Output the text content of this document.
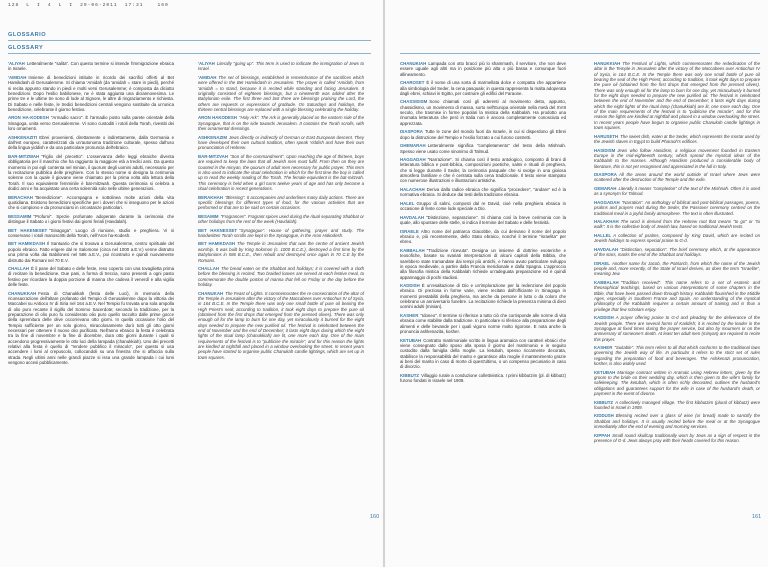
128 L I 4 L I 29-06-2011 17:31	160
GLOSSARIO
GLOSSARY

'ALIYAH Letteralmente "salita". Con questo termine si intende l'immigrazione ebraica in Israele.

'AMIDAH Insieme di benedizioni istituite in ricordo dei sacrifici offerti al Bet Hamikdash di Gerusalemme. Si chiama 'Amidah (da 'amidah = stare in piedi), perché si recita appunto stando in piedi e molti versi Gerusalemme; è composta da diciotto benedizioni. Dopo l'esilio babilonese, ne è stata aggiunta una diciannovesima. Le prime tre e le ultime tre sono di lode al Signore, le altre di ringraziamento e richiesta. Di Sabato e nelle feste, le tredici benedizioni centrali vengono sostituite da un'unica benedizione, celebrante il giorno festivo.

ARON HA-KODESH "Armadio sacro". È l'armadio posto sulla parete orientale della Sinagoga, unita verso Gerusalemme. Vi sono custoditi i rotoli della Torah, rivestiti dei loro ornamenti.

ASHKENAZITI Ebrei provenienti, direttamente o indirettamente, dalla Germania e dall'est europeo, caratterizzati da un'autonoma tradizione culturale, spesso dall'uso della lingua yiddish e da una particolare pronuncia dell'ebraico.

BAR-MITZWAH "Figlio del precetto". L'osservanza delle leggi ebraiche diventa obbligatoria per il maschio che ha raggiunto la maggiore età a tredici anni. Da questo momento in poi egli contenta nel minian, il quorum degli uomini adulti, necessario per la recitazione pubblica delle preghiere. Con lo stesso nome si designa la cerimonia solenne con la quale il giovane viene chiamato per la prima volta alla lettura della Torah. Il suo equivalente femminile è bat-mitzwah. Questa cerimonia si celebra a dodici anni e ha acquistato una certa solennità solo nelle ultime generazioni.

BERACHAH "Benedizione". Accompagna e sottolinea molte azioni della vita quotidiana. Esistono benedizioni specifiche per i doveri che si inseguono per le azioni che si compiono e da pronunciarsi in circostanze particolari.

BESSAMIM "Profumi". Spezie profumate adoperate durante la cerimonia che distingue il Sabato o i giorni festivi dai giorni feriali (Havdalah).

BET HAKENESET "Sinagoga". Luogo di riunione, studio e preghiera. Vi si conservano i rotoli manoscritti della Torah, nell'Aron ha-Kodesh.

BET HAMIKDASH Il Santuario che si trovava a Gerusalemme, centro spirituale del popolo ebraico. Fatto erigere dal re Salomone (circa nel 1000 a.E.V.) venne distrutto una prima volta dai Babilonesi nel 586 a.E.V., poi ricostruito e quindi nuovamente distrutto dai Romani nel 70 E.V.

CHALLAH È il pane del Sabato e delle feste, reso coperto con una tovaglietta prima di recitare la benedizione. Due pani, a forma di treccia, sono presenti a ogni pasto festivo per ricordare la doppia porzione di manna che cadeva il venerdì e alla vigilia delle feste.

CHANUKKAH Festa di Chanukkah (festa delle Luci), in memoria della riconsacrazione dell'altare profanato del Tempio di Gerusalemme dopo la vittoria dei Maccabei su Antioco IV di Siria nel 164 a.E.V. Nel Tempio fu trovata una sola ampolla di olio puro recante il sigillo del Sommo Sacerdote; secondo la tradizione, per la preparazione di olio puro fu considerato olio puro quello raccolto dalle prime gocce della spremitura delle olive occorrevano otto giorni. In quella occasione l'olio del Tempio sufficiente per un solo giorno, miracolosamente durò tutti gli otto giorni necessari per ottenere il nuovo olio purificato. Nell'anno ebraico la festa è celebrata tra la fine di novembre e la fine di dicembre, dura otto giorni durante i quali si accendono progressivamente le otto luci della lampada (chanukkiah). Uno dei precetti relativi alla festa è quello di "rendere pubblico il miracolo", per questo si usa accendere i lumi al crepuscolo, collocandoli su una finestra che si affaccia sulla strada. Negli ultimi anni nelle grandi piazze si issa una grande lampada i cui lumi vengono accesi pubblicamente.

'ALIYAH Literally "going up". This term is used to indicate the immigration of Jews to Israel.

'AMIDAH The set of blessings, established in remembrance of the sacrifices which were offered in the Bet Hamikdash in Jerusalem. The prayer is called 'Amidah, from 'amidah = to stand, because it is recited while standing and facing Jerusalem. It originally consisted of eighteen blessings, but a nineteenth was added after the Babylonian exile. The first three and last three are blessings praising the Lord, the others are requests or expressions of gratitude. On Saturdays and holidays, the thirteen central blessings are replaced with a single blessing celebrating the holiday.

ARON HAKODESH "Holy Ark". The Ark is generally placed on the eastern side of the Synagogue, that is on the side towards Jerusalem. It contains the Torah scrolls, with their ornamental dressings.

ASHKENAZIM Jews directly or indirectly of German or East European descent. They have developed their own cultural tradition, often speak Yiddish and have their own pronunciation of Hebrew.

BAR-MITZVAH "Son of the commandment". Upon reaching the age of thirteen, boys are required to keep the laws that all Jewish men must fulfil. From then on they are counted in the minyan, the quorum of adult men necessary for public prayer. This term is also used to indicate the ritual celebration in which for the first time the boy is called up to read the weekly reading of the Torah. The female equivalent is the bat-mitzvah. This ceremony is held when a girl turns twelve years of age and has only become a ritual celebration in recent generations.

BERAKHAH "Blessing". It accompanies and underlines many daily actions. There are specific blessings for different types of food, for the various activities that are performed or that are to be said on certain occasions.

BESAMIM "Fragrances". Fragrant spices used during the ritual separating Shabbat or other holidays from the rest of the week (Havdalah).

BET HAKNESSET "Synagogue". House of gathering, prayer and study. The handwritten Torah scrolls are kept in the Synagogue, in the Aron Hakodesh.

BET HAMIKDASH The Temple in Jerusalem that was the centre of ancient Jewish worship. It was built by King Solomon (c. 1000 B.C.E.), destroyed a first time by the Babylonians in 586 B.C.E., then rebuilt and destroyed once again in 70 C.E by the Romans.

CHALLAH The bread eaten on the Shabbat and holidays; it is covered with a cloth before the blessing is recited. Two braided loaves are served at each festive meal, to commemorate the double portion of manna that fell on Friday or the day before the holiday.

CHANUKAH The Feast of Lights. It commemorates the re-consecration of the altar of the Temple in Jerusalem after the victory of the Maccabees over Antiochus IV of Syria, in 164 B.C.E. In the Temple there was only one small bottle of pure oil bearing the High Priest's seal; according to tradition, it took eight days to prepare the pure oil (obtained from the first drops that emerged from the pressed olives). There was only enough oil for the lamp to burn for one day, yet miraculously it burned for the eight days needed to prepare the new purified oil. The festival is celebrated between the end of November and the end of December; it lasts eight days during which the eight lights of the ritual lamp (chanukkiah) are lit, one more each day. One of the main requirements of the festival is to "publicise the miracle", and for this reason the lights are kindled at nightfall and placed in a window overlooking the street. In recent years people have started to organise public Chanukah candle lightings, which are set up in town squares.

CHANUKIAH Lampada con otto bracci più lo shammash, il servitore, che non deve essere uguale agli altri ma in posizione più alta o più bassa e comunque fuori allineamento.

CHAROSET È il nome di una sorta di marmellata dolce e compatta che appartiene alla simbologia del Seder, la cena pasquale; in questa rappresenta la malta adoperata dagli ebrei, schiavi in Egitto, per costruire gli edifici del Faraone.

CHASSIDISM Sono chiamati così gli aderenti al movimento detto, appunto, chassidismo, un movimento di massa, sorto nell'Europa orientale nella metà del XVIII secolo, che trasmise in forme popolari la mistica della Kabbalah. Ha prodotto una rinomata letteratura che però in Italia non è ancora completamente conosciuta ed apprezzata.

DIASPORA Tutte le zone del mondo fuori da Israele, in cui si disperdono gli Ebrei dopo la distruzione del Tempio e l'esilio forzato a cui furono costretti.

GHEMARAH Letteralmente significa "completamento" del testo della Mishnah. Spesso viene usato come sinonimo di Talmud.

HAGGADAH "Narrazione". Si chiama così il testo antologico, composto di brani di letteratura biblica e post-biblica, composizioni poetiche, salmi e rituali di preghiera, che si legge durante il Seder, la cerimonia pasquale che si svolge in una gioiosa atmosfera familiare e che è centrata sulla cena tradizionale. Il testo viene stampato con numerose illustrazioni e illustrazioni artistiche.

HALACHAH Deriva dalla radice ebraica che significa "procedere", "andare" ed è la normativa ebraica. Si deduce dai testi della tradizione ebraica.

HALEL Gruppo di salmi, composti dal re David, cioè nella preghiera ebraica in occasione di feste come lode speciale a Dio.

HAVDALAH "Distinzione, separazione". Si chiama così la breve cerimonia con la quale, allo spuntare delle stelle, si indica il termine del Sabato e delle festività.

ISRAELE Altro nome del patriarca Giacobbe, da cui derivano il nome del popolo ebraico e, più recentemente, dello Stato ebraico, nonché il termine "israelita" per ebreo.

KABBALAH "Tradizione ricevuta". Designa un insieme di dottrine esoteriche e teosofiche, basate su svariati interpretazioni di alcuni capitoli della Bibbia, che sarebbero state tramandate dai tempi più antichi, e hanno avuto particolare sviluppo in epoca medievale, a partire dalla Francia meridionale e dalla Spagna. L'approccio alla filosofia mistica della Kabbalah richiede un'adeguata preparazione ed è quindi appannaggio di pochi studiosi.

KADDISH È un'esaltazione di Dio e un'implorazione per la redenzione del popolo ebraico. Di preziosa in forme varie, viene recitato dall'officiante in Sinagoga in momenti prestabiliti della preghiera, ma anche da persone in lutto o da coloro che celebrano un anniversario funebre. La recitazione richiede la presenza minima di dieci uomini adulti (minian).

KASHER "Idoneo". Il termine si riferisce a tutto ciò che corrisponde alle norme di vita ebraica come stabilite dalla tradizione. In particolare si riferisce alla preparazione degli alimenti e delle bevande per i quali vigono norme molto rigorose. E nota anche la pronuncia ashkenazita, kosher.

KETUBAH Contratto matrimoniale scritto in lingua aramaica con caratteri ebraici che viene consegnato dallo sposo alla sposa il giorno del matrimonio e in seguito custodito dalla famiglia della moglie. La ketubah, spesso riccamente decorata, stabilisce la responsabilità del marito e garantisce alla moglie il mantenimento grazie ai beni del marito in caso di morte di quest'ultimo, o un compenso pecuniario in caso di divorzio.

KIBBUTZ Villaggio rurale a conduzione collettivistica. I primi kibbutzim (pl. di kibbutz) furono fondati in Israele nel 1909.

HANUKKIAH The Festival of Lights, which commemorates the rededication of the altar in the Temple in Jerusalem after the victory of the Maccabees over Antiochus IV of Syria, in 164 B.C.E. In the Temple there was only one small bottle of pure oil bearing the seal of the High Priest; according to tradition, it took eight days to prepare the pure oil (obtained from the first drops that emerged from the pressed olives). There was only enough oil for the lamp to burn for one day, yet miraculously it burned for the eight days needed to prepare the new purified oil. The festival is celebrated between the end of November and the end of December; it lasts eight days during which the eight lights of the ritual lamp (chanukkiah) are lit, one more each day. One of the main requirements of the festival is to "publicise the miracle", and for this reason the lights are kindled at nightfall and placed in a window overlooking the street. In recent years people have begun to organise public Chanukah candle lightings in town squares.

HARUSETH The sweet dish, eaten at the Seder, which represents the mortar used by the Jewish slaves in Egypt to build Pharaoh's edifices.

HASIDISM Jews who follow Hasidism, a religious movement founded in Eastern Europe in the mid-eighteenth century, which spread the mystical ideas of the Kabbalah to the masses. Although Hasidism produced a considerable body of literature, this is not yet recognised and appreciated in the full in Italy.

DIASPORA All the areas around the world outside of Israel where Jews were scattered after the destruction of the Temple and the exile.

GEMARAH Literally it means "completion" of the text of the Mishnah. Often it is used as a synonym for Talmud.

HAGGADAH "Narration". An anthology of biblical and post-biblical passages, poems, psalms and prayers read during the Seder, the Passover ceremony centred on the traditional meal in a joyful family atmosphere. The text is often illustrated.

HALAKHAH The word is derived from the Hebrew root that means "to go" or "to walk". It is the collective body of Jewish law, based on traditional Jewish texts.

HALLEL A collection of psalms, composed by King David, which are recited on Jewish holidays to express special praise to G-d.

HAVDALAH "Distinction, separation". The brief ceremony which, at the appearance of the stars, marks the end of the Shabbat and holidays.

ISRAEL Another name for Jacob, the Patriarch, from which the name of the Jewish people and, more recently, of the State of Israel derives, as does the term "Israelite", meaning Jew.

KABBALAH "Tradition received". This name refers to a set of esoteric and theosophical teachings, based on various interpretations of some chapters in the Bible, that have been passed down through history. Kabbalah flourished in the Middle Ages, especially in Southern France and Spain. An understanding of the mystical philosophy of the Kabbalah requires a certain amount of training and is thus a privilege that few scholars enjoy.

KADDISH A prayer offering praise to G-d and pleading for the deliverance of the Jewish people. There are several forms of Kaddish; it is recited by the leader in the Synagogue at fixed times during the prayer service, but also by mourners or on the anniversary of someone's death. At least ten adult men (minyan) are required to recite this prayer.

KASHER "Suitable". This term refers to all that which conforms to the traditional laws governing the Jewish way of life. In particular it refers to the strict set of rules regarding the preparation of food and beverages. The Ashkenazi pronunciation, kosher, is also widely used.

KETUBAH Marriage contract written in Aramaic using Hebrew letters, given by the groom to the bride on their wedding day, which is then given to the wife's family for safekeeping. The ketubah, which is often richly decorated, outlines the husband's obligations and guarantees support for the wife in case of the husband's death, or payment in the event of divorce.

KIBBUTZ A collectively managed village. The first kibbutzim (plural of kibbutz) were founded in Israel in 1909.

KIDDUSH Blessing recited over a glass of wine (or bread) made to sanctify the Shabbat and holidays. It is usually recited before the meal or at the Synagogue immediately after the end of evening and morning services.

KIPPAH Small round skullcap traditionally worn by Jews as a sign of respect in the presence of G-d. Jews always pray with their heads covered for this reason.

160	161
